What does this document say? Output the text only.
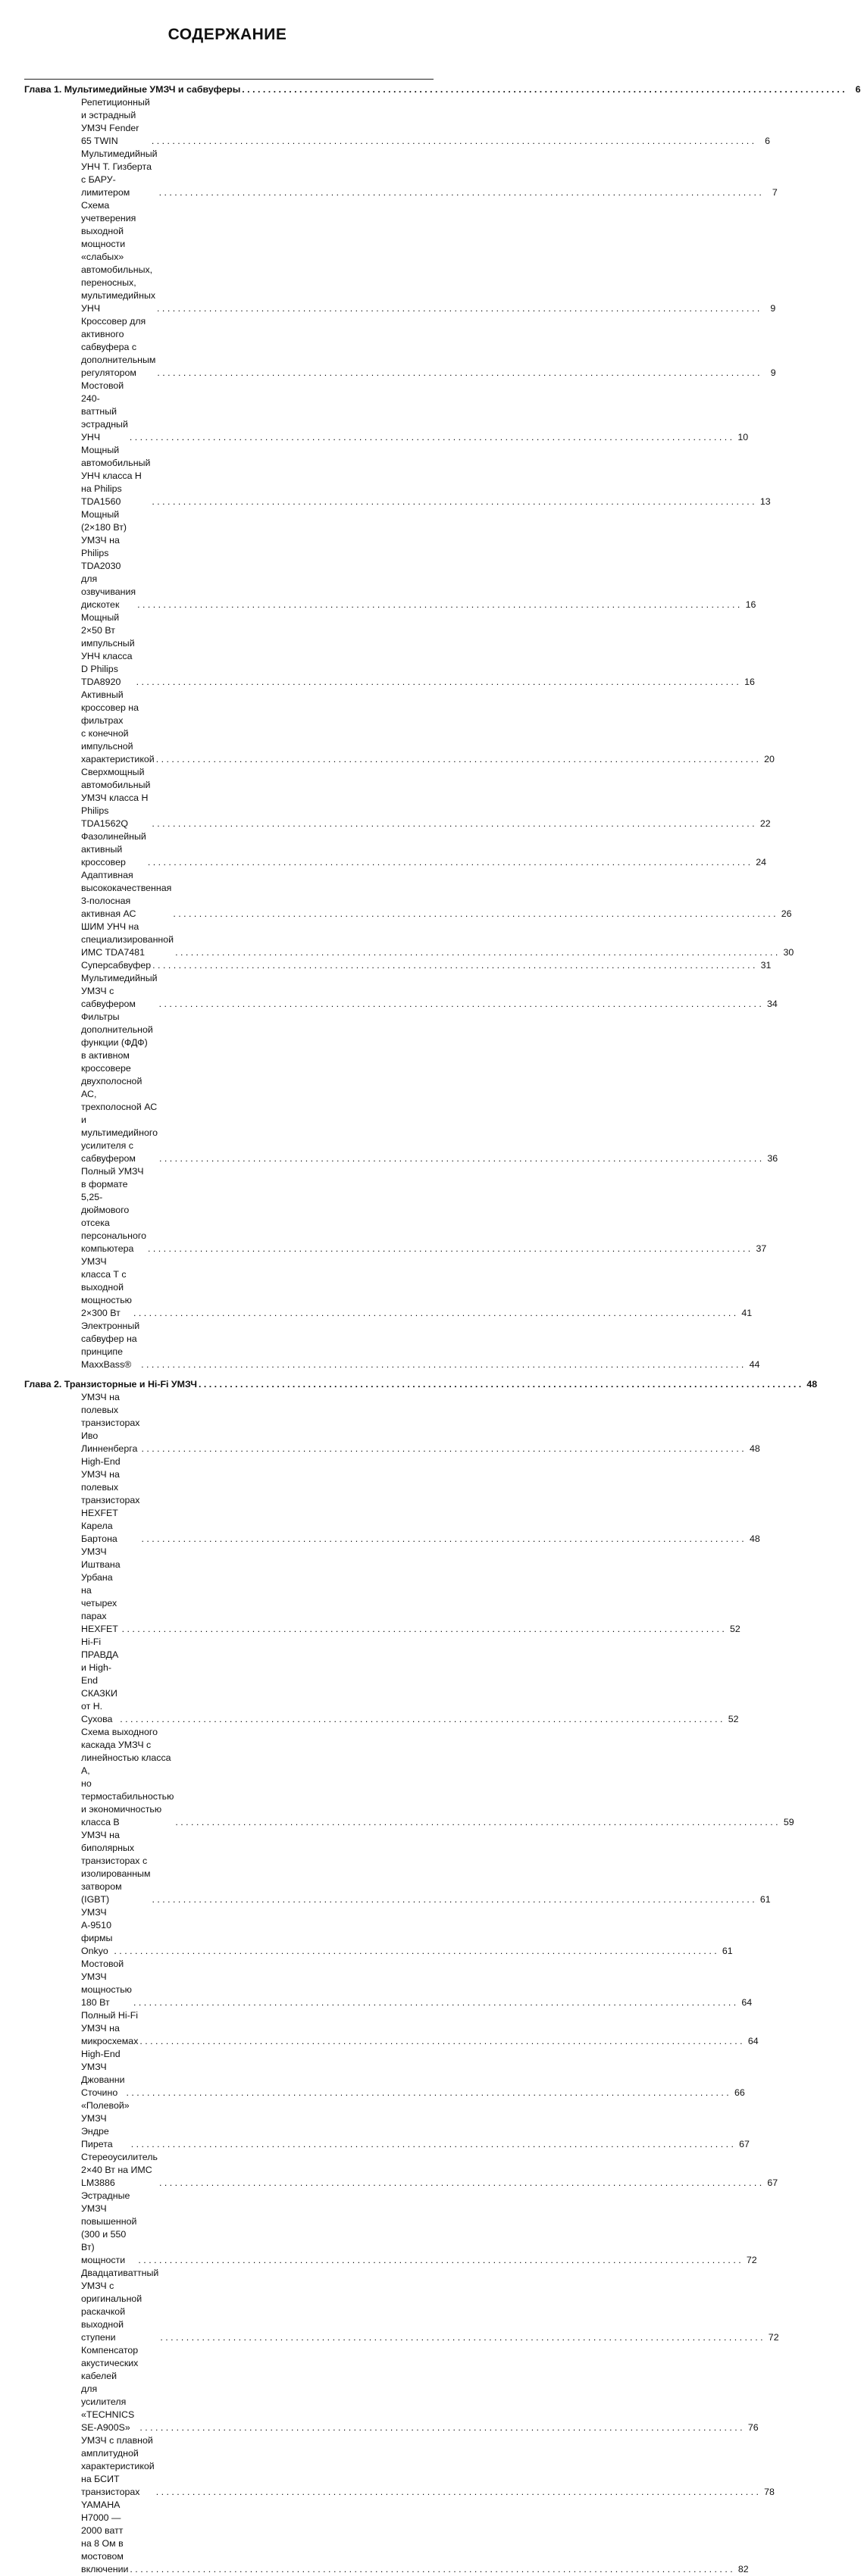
СОДЕРЖАНИЕ
Глава 1. Мультимедийные УМЗЧ и сабвуферы . . .	6
Репетиционный и эстрадный УМЗЧ Fender 65 TWIN . . .	6
Мультимедийный УНЧ Т. Гизберта с БАРУ-лимитером . . .	7
Схема учетверения выходной мощности «слабых» автомобильных,
переносных, мультимедийных УНЧ . . .	9
Кроссовер для активного сабвуфера с дополнительным регулятором . . .	9
Мостовой 240-ваттный эстрадный УНЧ . . .	10
Мощный автомобильный УНЧ класса Н на Philips TDA1560 . . .	13
Мощный (2×180 Вт) УМЗЧ на Philips TDA2030 для озвучивания дискотек . . .	16
Мощный 2×50 Вт импульсный УНЧ класса D Philips TDA8920 . . .	16
Активный кроссовер на фильтрах
с конечной импульсной характеристикой . . .	20
Сверхмощный автомобильный УМЗЧ класса Н Philips TDA1562Q . . .	22
Фазолинейный активный кроссовер . . .	24
Адаптивная высококачественная 3-полосная активная АС . . .	26
ШИМ УНЧ на специализированной ИМС TDA7481 . . .	30
Суперсабвуфер . . .	31
Мультимедийный УМЗЧ с сабвуфером . . .	34
Фильтры дополнительной функции (ФДФ)
в активном кроссовере двухполосной АС, трехполосной АС
и мультимедийного усилителя с сабвуфером . . .	36
Полный УМЗЧ в формате 5,25-дюймового отсека
персонального компьютера . . .	37
УМЗЧ класса Т с выходной мощностью 2×300 Вт . . .	41
Электронный сабвуфер на принципе MaxxBass® . . .	44
Глава 2. Транзисторные и Hi-Fi УМЗЧ . . .	48
УМЗЧ на полевых транзисторах Иво Линненберга . . .	48
High-End УМЗЧ на полевых транзисторах HEXFET Карела Бартона . . .	48
УМЗЧ Иштвана Урбана на четырех парах HEXFET . . .	52
Hi-Fi ПРАВДА и High-End СКАЗКИ от Н. Сухова . . .	52
Схема выходного каскада УМЗЧ с линейностью класса А,
но термостабильностью и экономичностью класса В . . .	59
УМЗЧ на биполярных транзисторах с изолированным затвором (IGBT) . . .	61
УМЗЧ А-9510 фирмы Onkyo . . .	61
Мостовой УМЗЧ мощностью 180 Вт . . .	64
Полный Hi-Fi УМЗЧ на микросхемах . . .	64
High-End УМЗЧ Джованни Сточино . . .	66
«Полевой» УМЗЧ Эндре Пирета . . .	67
Стереоусилитель 2×40 Вт на ИМС LM3886 . . .	67
Эстрадные УМЗЧ повышенной (300 и 550 Вт) мощности . . .	72
Двадцативаттный УМЗЧ с оригинальной раскачкой выходной ступени . . .	72
Компенсатор акустических кабелей
для усилителя «TECHNICS SE-A900S» . . .	76
УМЗЧ с плавной амплитудной характеристикой на БСИТ транзисторах . . .	78
YAMAHA H7000 — 2000 ватт на 8 Ом в мостовом включении . . .	82
